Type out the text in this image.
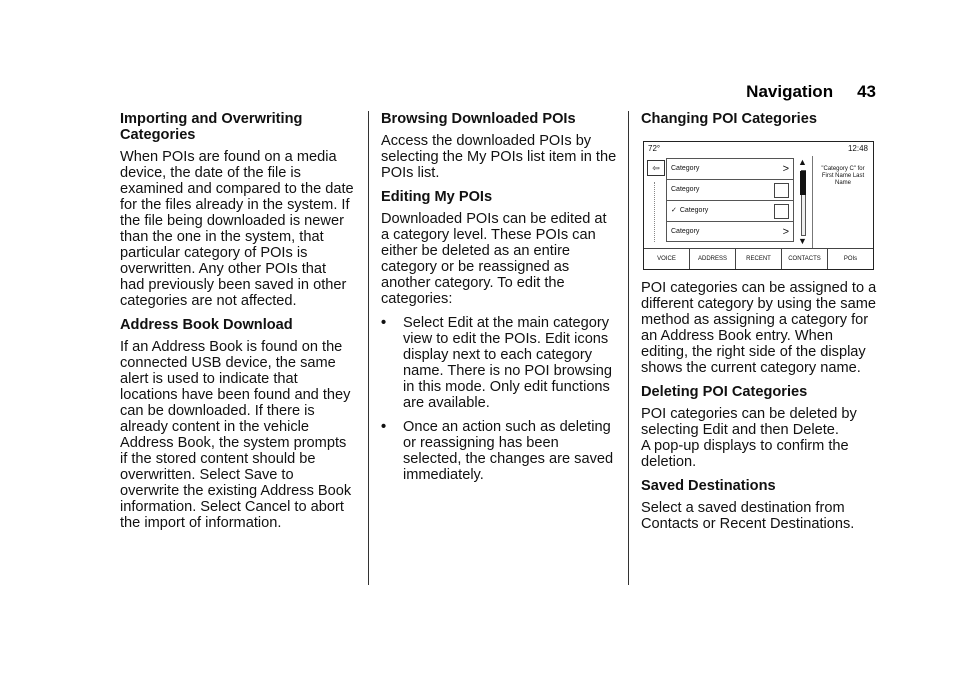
Navigation 43
Importing and Overwriting Categories
When POIs are found on a media device, the date of the file is examined and compared to the date for the files already in the system. If the file being downloaded is newer than the one in the system, that particular category of POIs is overwritten. Any other POIs that had previously been saved in other categories are not affected.
Address Book Download
If an Address Book is found on the connected USB device, the same alert is used to indicate that locations have been found and they can be downloaded. If there is already content in the vehicle Address Book, the system prompts if the stored content should be overwritten. Select Save to overwrite the existing Address Book information. Select Cancel to abort the import of information.
Browsing Downloaded POIs
Access the downloaded POIs by selecting the My POIs list item in the POIs list.
Editing My POIs
Downloaded POIs can be edited at a category level. These POIs can either be deleted as an entire category or be reassigned as another category. To edit the categories:
•	Select Edit at the main category view to edit the POIs. Edit icons display next to each category name. There is no POI browsing in this mode. Only edit functions are available.
•	Once an action such as deleting or reassigning has been selected, the changes are saved immediately.
Changing POI Categories
72°	12:48
⇦	Category	>
Category
✓ Category
Category	>
▲
▼
"Category C" for
First Name Last Name
VOICE	ADDRESS	RECENT	CONTACTS	POIs
POI categories can be assigned to a different category by using the same method as assigning a category for an Address Book entry. When editing, the right side of the display shows the current category name.
Deleting POI Categories
POI categories can be deleted by selecting Edit and then Delete.
A pop-up displays to confirm the deletion.
Saved Destinations
Select a saved destination from Contacts or Recent Destinations.
